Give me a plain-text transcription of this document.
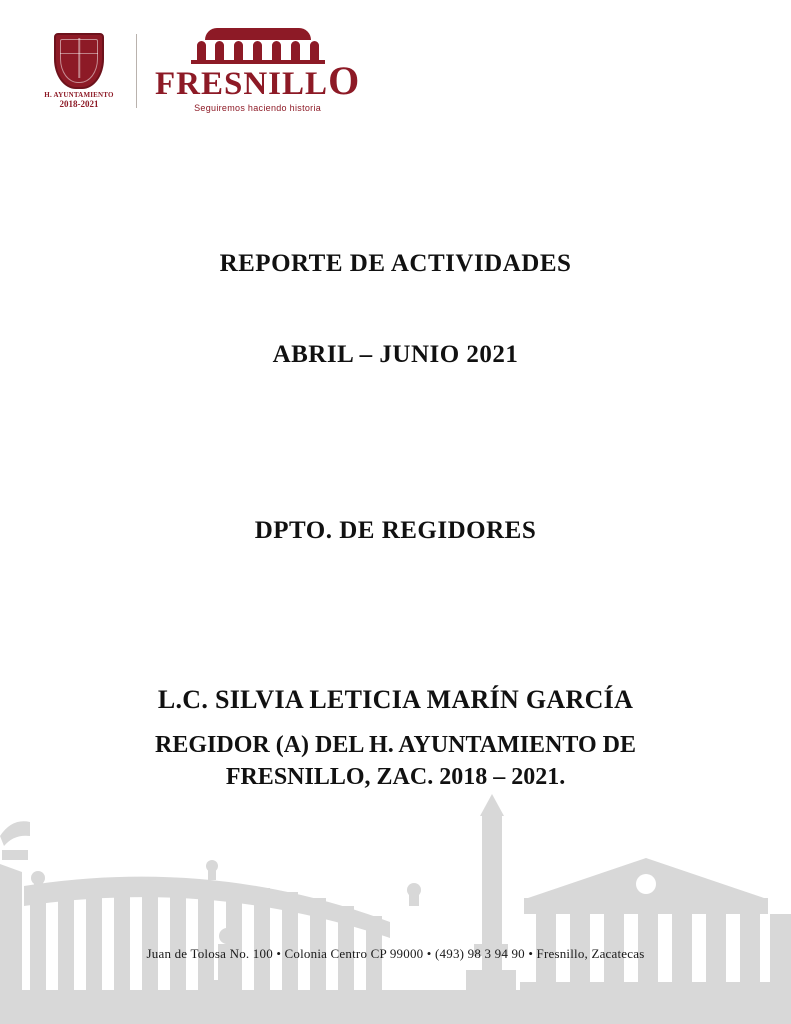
H. AYUNTAMIENTO
2018-2021
FRESNILLO
Seguiremos haciendo historia
REPORTE DE ACTIVIDADES
ABRIL – JUNIO 2021
DPTO. DE REGIDORES
L.C. SILVIA LETICIA MARÍN GARCÍA
REGIDOR (A) DEL H. AYUNTAMIENTO DE
FRESNILLO, ZAC. 2018 – 2021.
Juan de Tolosa No. 100 • Colonia Centro CP 99000 • (493) 98 3 94 90 • Fresnillo, Zacatecas
